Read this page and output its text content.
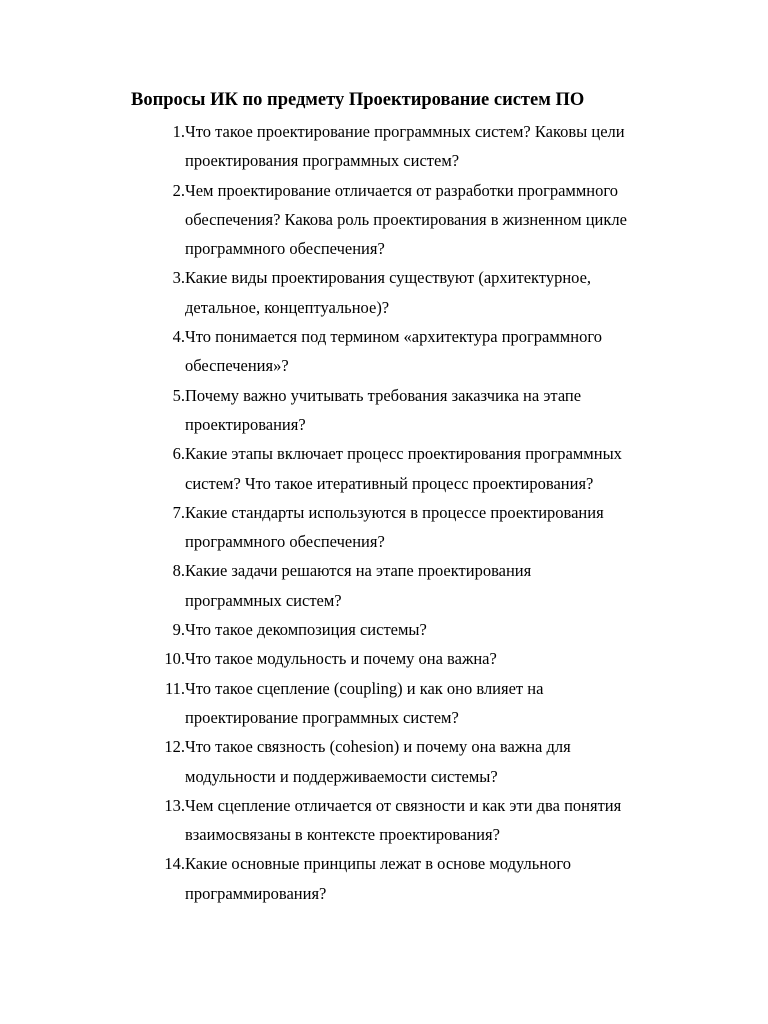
Вопросы ИК по предмету Проектирование систем ПО
1. Что такое проектирование программных систем? Каковы цели
проектирования программных систем?
2. Чем проектирование отличается от разработки программного
обеспечения? Какова роль проектирования в жизненном цикле
программного обеспечения?
3. Какие виды проектирования существуют (архитектурное,
детальное, концептуальное)?
4. Что понимается под термином «архитектура программного
обеспечения»?
5. Почему важно учитывать требования заказчика на этапе
проектирования?
6. Какие этапы включает процесс проектирования программных
систем? Что такое итеративный процесс проектирования?
7. Какие стандарты используются в процессе проектирования
программного обеспечения?
8. Какие задачи решаются на этапе проектирования
программных систем?
9. Что такое декомпозиция системы?
10. Что такое модульность и почему она важна?
11. Что такое сцепление (coupling) и как оно влияет на
проектирование программных систем?
12. Что такое связность (cohesion) и почему она важна для
модульности и поддерживаемости системы?
13. Чем сцепление отличается от связности и как эти два понятия
взаимосвязаны в контексте проектирования?
14. Какие основные принципы лежат в основе модульного
программирования?
